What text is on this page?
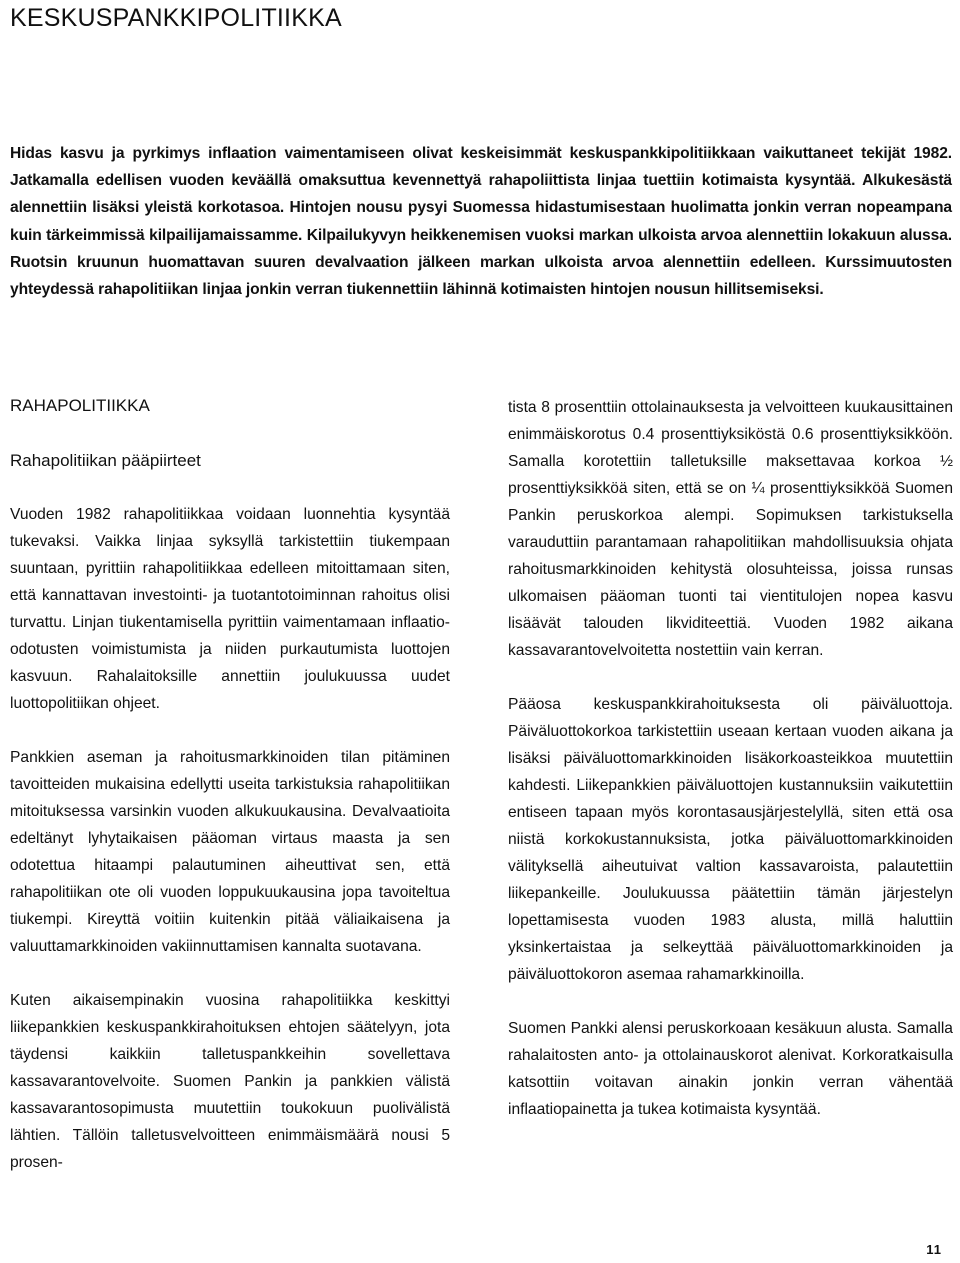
KESKUSPANKKIPOLITIIKKA

Hidas kasvu ja pyrkimys inflaation vaimentamiseen olivat keskeisimmät keskuspankkipolitiikkaan vaikuttaneet tekijät 1982. Jatkamalla edellisen vuoden keväällä omaksuttua kevennettyä rahapoliittista linjaa tuettiin kotimaista kysyntää. Alkukesästä alennettiin lisäksi yleistä korkotasoa. Hintojen nousu pysyi Suomessa hidastumisestaan huolimatta jonkin verran nopeampana kuin tärkeimmissä kilpailijamaissamme. Kilpailukyvyn heikkenemisen vuoksi markan ulkoista arvoa alennettiin lokakuun alussa. Ruotsin kruunun huomattavan suuren devalvaation jälkeen markan ulkoista arvoa alennettiin edelleen. Kurssimuutosten yhteydessä rahapolitiikan linjaa jonkin verran tiukennettiin lähinnä kotimaisten hintojen nousun hillitsemiseksi.

RAHAPOLITIIKKA
Rahapolitiikan pääpiirteet

Vuoden 1982 rahapolitiikkaa voidaan luonnehtia kysyntää tukevaksi. Vaikka linjaa syksyllä tarkistettiin tiukempaan suuntaan, pyrittiin rahapolitiikkaa edelleen mitoittamaan siten, että kannattavan investointi- ja tuotantotoiminnan rahoitus olisi turvattu. Linjan tiukentamisella pyrittiin vaimentamaan inflaatio-odotusten voimistumista ja niiden purkautumista luottojen kasvuun. Rahalaitoksille annettiin joulukuussa uudet luottopolitiikan ohjeet.

Pankkien aseman ja rahoitusmarkkinoiden tilan pitäminen tavoitteiden mukaisina edellytti useita tarkistuksia rahapolitiikan mitoituksessa varsinkin vuoden alkukuukausina. Devalvaatioita edeltänyt lyhytaikaisen pääoman virtaus maasta ja sen odotettua hitaampi palautuminen aiheuttivat sen, että rahapolitiikan ote oli vuoden loppukuukausina jopa tavoiteltua tiukempi. Kireyttä voitiin kuitenkin pitää väliaikaisena ja valuuttamarkkinoiden vakiinnuttamisen kannalta suotavana.

Kuten aikaisempinakin vuosina rahapolitiikka keskittyi liikepankkien keskuspankkirahoituksen ehtojen säätelyyn, jota täydensi kaikkiin talletuspankkeihin sovellettava kassavarantovelvoite. Suomen Pankin ja pankkien välistä kassavarantosopimusta muutettiin toukokuun puolivälistä lähtien. Tällöin talletusvelvoitteen enimmäismäärä nousi 5 prosen-

tista 8 prosenttiin ottolainauksesta ja velvoitteen kuukausittainen enimmäiskorotus 0.4 prosenttiyksiköstä 0.6 prosenttiyksikköön. Samalla korotettiin talletuksille maksettavaa korkoa ½ prosenttiyksikköä siten, että se on ¼ prosenttiyksikköä Suomen Pankin peruskorkoa alempi. Sopimuksen tarkistuksella varauduttiin parantamaan rahapolitiikan mahdollisuuksia ohjata rahoitusmarkkinoiden kehitystä olosuhteissa, joissa runsas ulkomaisen pääoman tuonti tai vientitulojen nopea kasvu lisäävät talouden likviditeettiä. Vuoden 1982 aikana kassavarantovelvoitetta nostettiin vain kerran.

Pääosa keskuspankkirahoituksesta oli päiväluottoja. Päiväluottokorkoa tarkistettiin useaan kertaan vuoden aikana ja lisäksi päiväluottomarkkinoiden lisäkorkoasteikkoa muutettiin kahdesti. Liikepankkien päiväluottojen kustannuksiin vaikutettiin entiseen tapaan myös korontasausjärjestelyllä, siten että osa niistä korkokustannuksista, jotka päiväluottomarkkinoiden välityksellä aiheutuivat valtion kassavaroista, palautettiin liikepankeille. Joulukuussa päätettiin tämän järjestelyn lopettamisesta vuoden 1983 alusta, millä haluttiin yksinkertaistaa ja selkeyttää päiväluottomarkkinoiden ja päiväluottokoron asemaa rahamarkkinoilla.

Suomen Pankki alensi peruskorkoaan kesäkuun alusta. Samalla rahalaitosten anto- ja ottolainauskorot alenivat. Korkoratkaisulla katsottiin voitavan ainakin jonkin verran vähentää inflaatiopainetta ja tukea kotimaista kysyntää.

11
